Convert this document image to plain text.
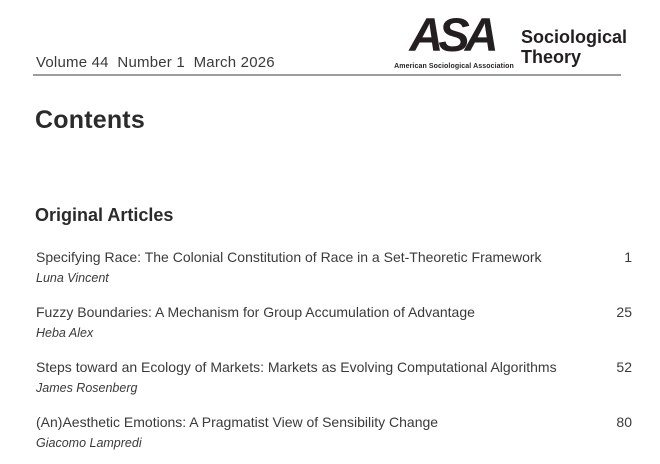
Volume 44  Number 1  March 2026
ASA
American Sociological Association
Sociological
Theory
Contents
Original Articles
Specifying Race: The Colonial Constitution of Race in a Set-Theoretic Framework	1
Luna Vincent
Fuzzy Boundaries: A Mechanism for Group Accumulation of Advantage	25
Heba Alex
Steps toward an Ecology of Markets: Markets as Evolving Computational Algorithms	52
James Rosenberg
(An)Aesthetic Emotions: A Pragmatist View of Sensibility Change	80
Giacomo Lampredi
